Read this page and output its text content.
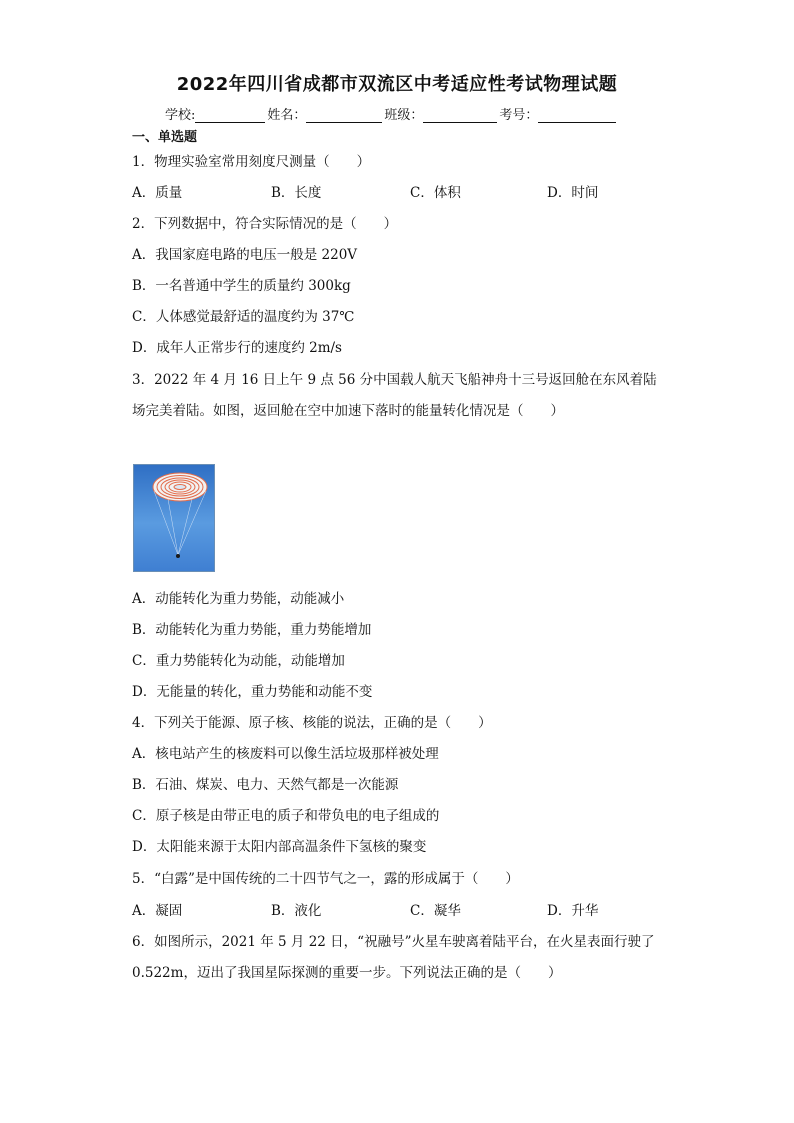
2022年四川省成都市双流区中考适应性考试物理试题
学校:	姓名：	班级：	考号：
一、单选题
1．物理实验室常用刻度尺测量（　　）
A．质量	B．长度	C．体积	D．时间
2．下列数据中，符合实际情况的是（　　）
A．我国家庭电路的电压一般是 220V
B．一名普通中学生的质量约 300kg
C．人体感觉最舒适的温度约为 37℃
D．成年人正常步行的速度约 2m/s
3．2022 年 4 月 16 日上午 9 点 56 分中国载人航天飞船神舟十三号返回舱在东风着陆
场完美着陆。如图，返回舱在空中加速下落时的能量转化情况是（　　）
A．动能转化为重力势能，动能减小
B．动能转化为重力势能，重力势能增加
C．重力势能转化为动能，动能增加
D．无能量的转化，重力势能和动能不变
4．下列关于能源、原子核、核能的说法，正确的是（　　）
A．核电站产生的核废料可以像生活垃圾那样被处理
B．石油、煤炭、电力、天然气都是一次能源
C．原子核是由带正电的质子和带负电的电子组成的
D．太阳能来源于太阳内部高温条件下氢核的聚变
5．“白露”是中国传统的二十四节气之一，露的形成属于（　　）
A．凝固	B．液化	C．凝华	D．升华
6．如图所示，2021 年 5 月 22 日，“祝融号”火星车驶离着陆平台，在火星表面行驶了
0.522m，迈出了我国星际探测的重要一步。下列说法正确的是（　　）
